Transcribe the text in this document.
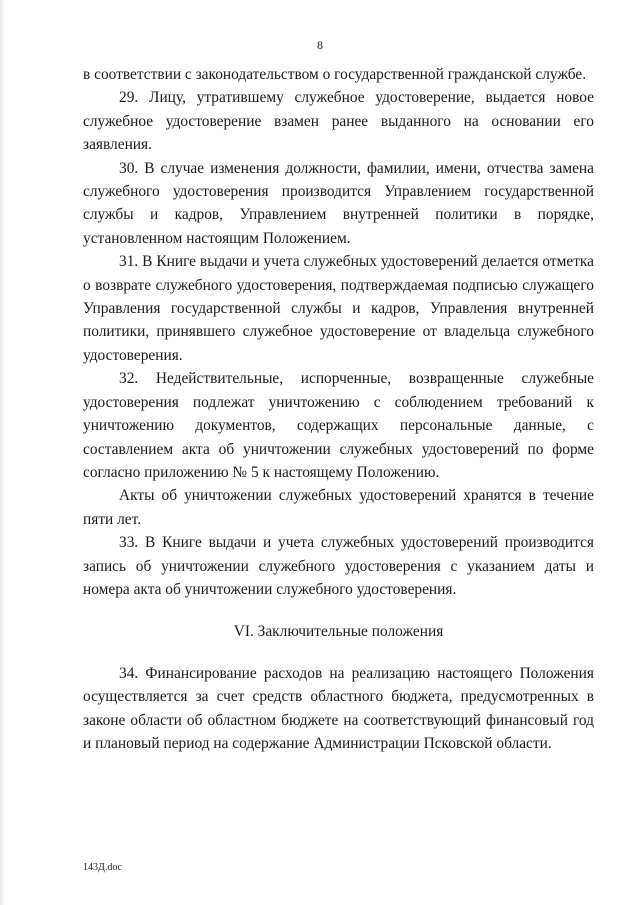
8

в соответствии с законодательством о государственной гражданской службе.

29. Лицу, утратившему служебное удостоверение, выдается новое служебное удостоверение взамен ранее выданного на основании его заявления.

30. В случае изменения должности, фамилии, имени, отчества замена служебного удостоверения производится Управлением государственной службы и кадров, Управлением внутренней политики в порядке, установленном настоящим Положением.

31. В Книге выдачи и учета служебных удостоверений делается отметка о возврате служебного удостоверения, подтверждаемая подписью служащего Управления государственной службы и кадров, Управления внутренней политики, принявшего служебное удостоверение от владельца служебного удостоверения.

32. Недействительные, испорченные, возвращенные служебные удостоверения подлежат уничтожению с соблюдением требований к уничтожению документов, содержащих персональные данные, с составлением акта об уничтожении служебных удостоверений по форме согласно приложению № 5 к настоящему Положению.

Акты об уничтожении служебных удостоверений хранятся в течение пяти лет.

33. В Книге выдачи и учета служебных удостоверений производится запись об уничтожении служебного удостоверения с указанием даты и номера акта об уничтожении служебного удостоверения.

VI. Заключительные положения

34. Финансирование расходов на реализацию настоящего Положения осуществляется за счет средств областного бюджета, предусмотренных в законе области об областном бюджете на соответствующий финансовый год и плановый период на содержание Администрации Псковской области.

143Д.doc
